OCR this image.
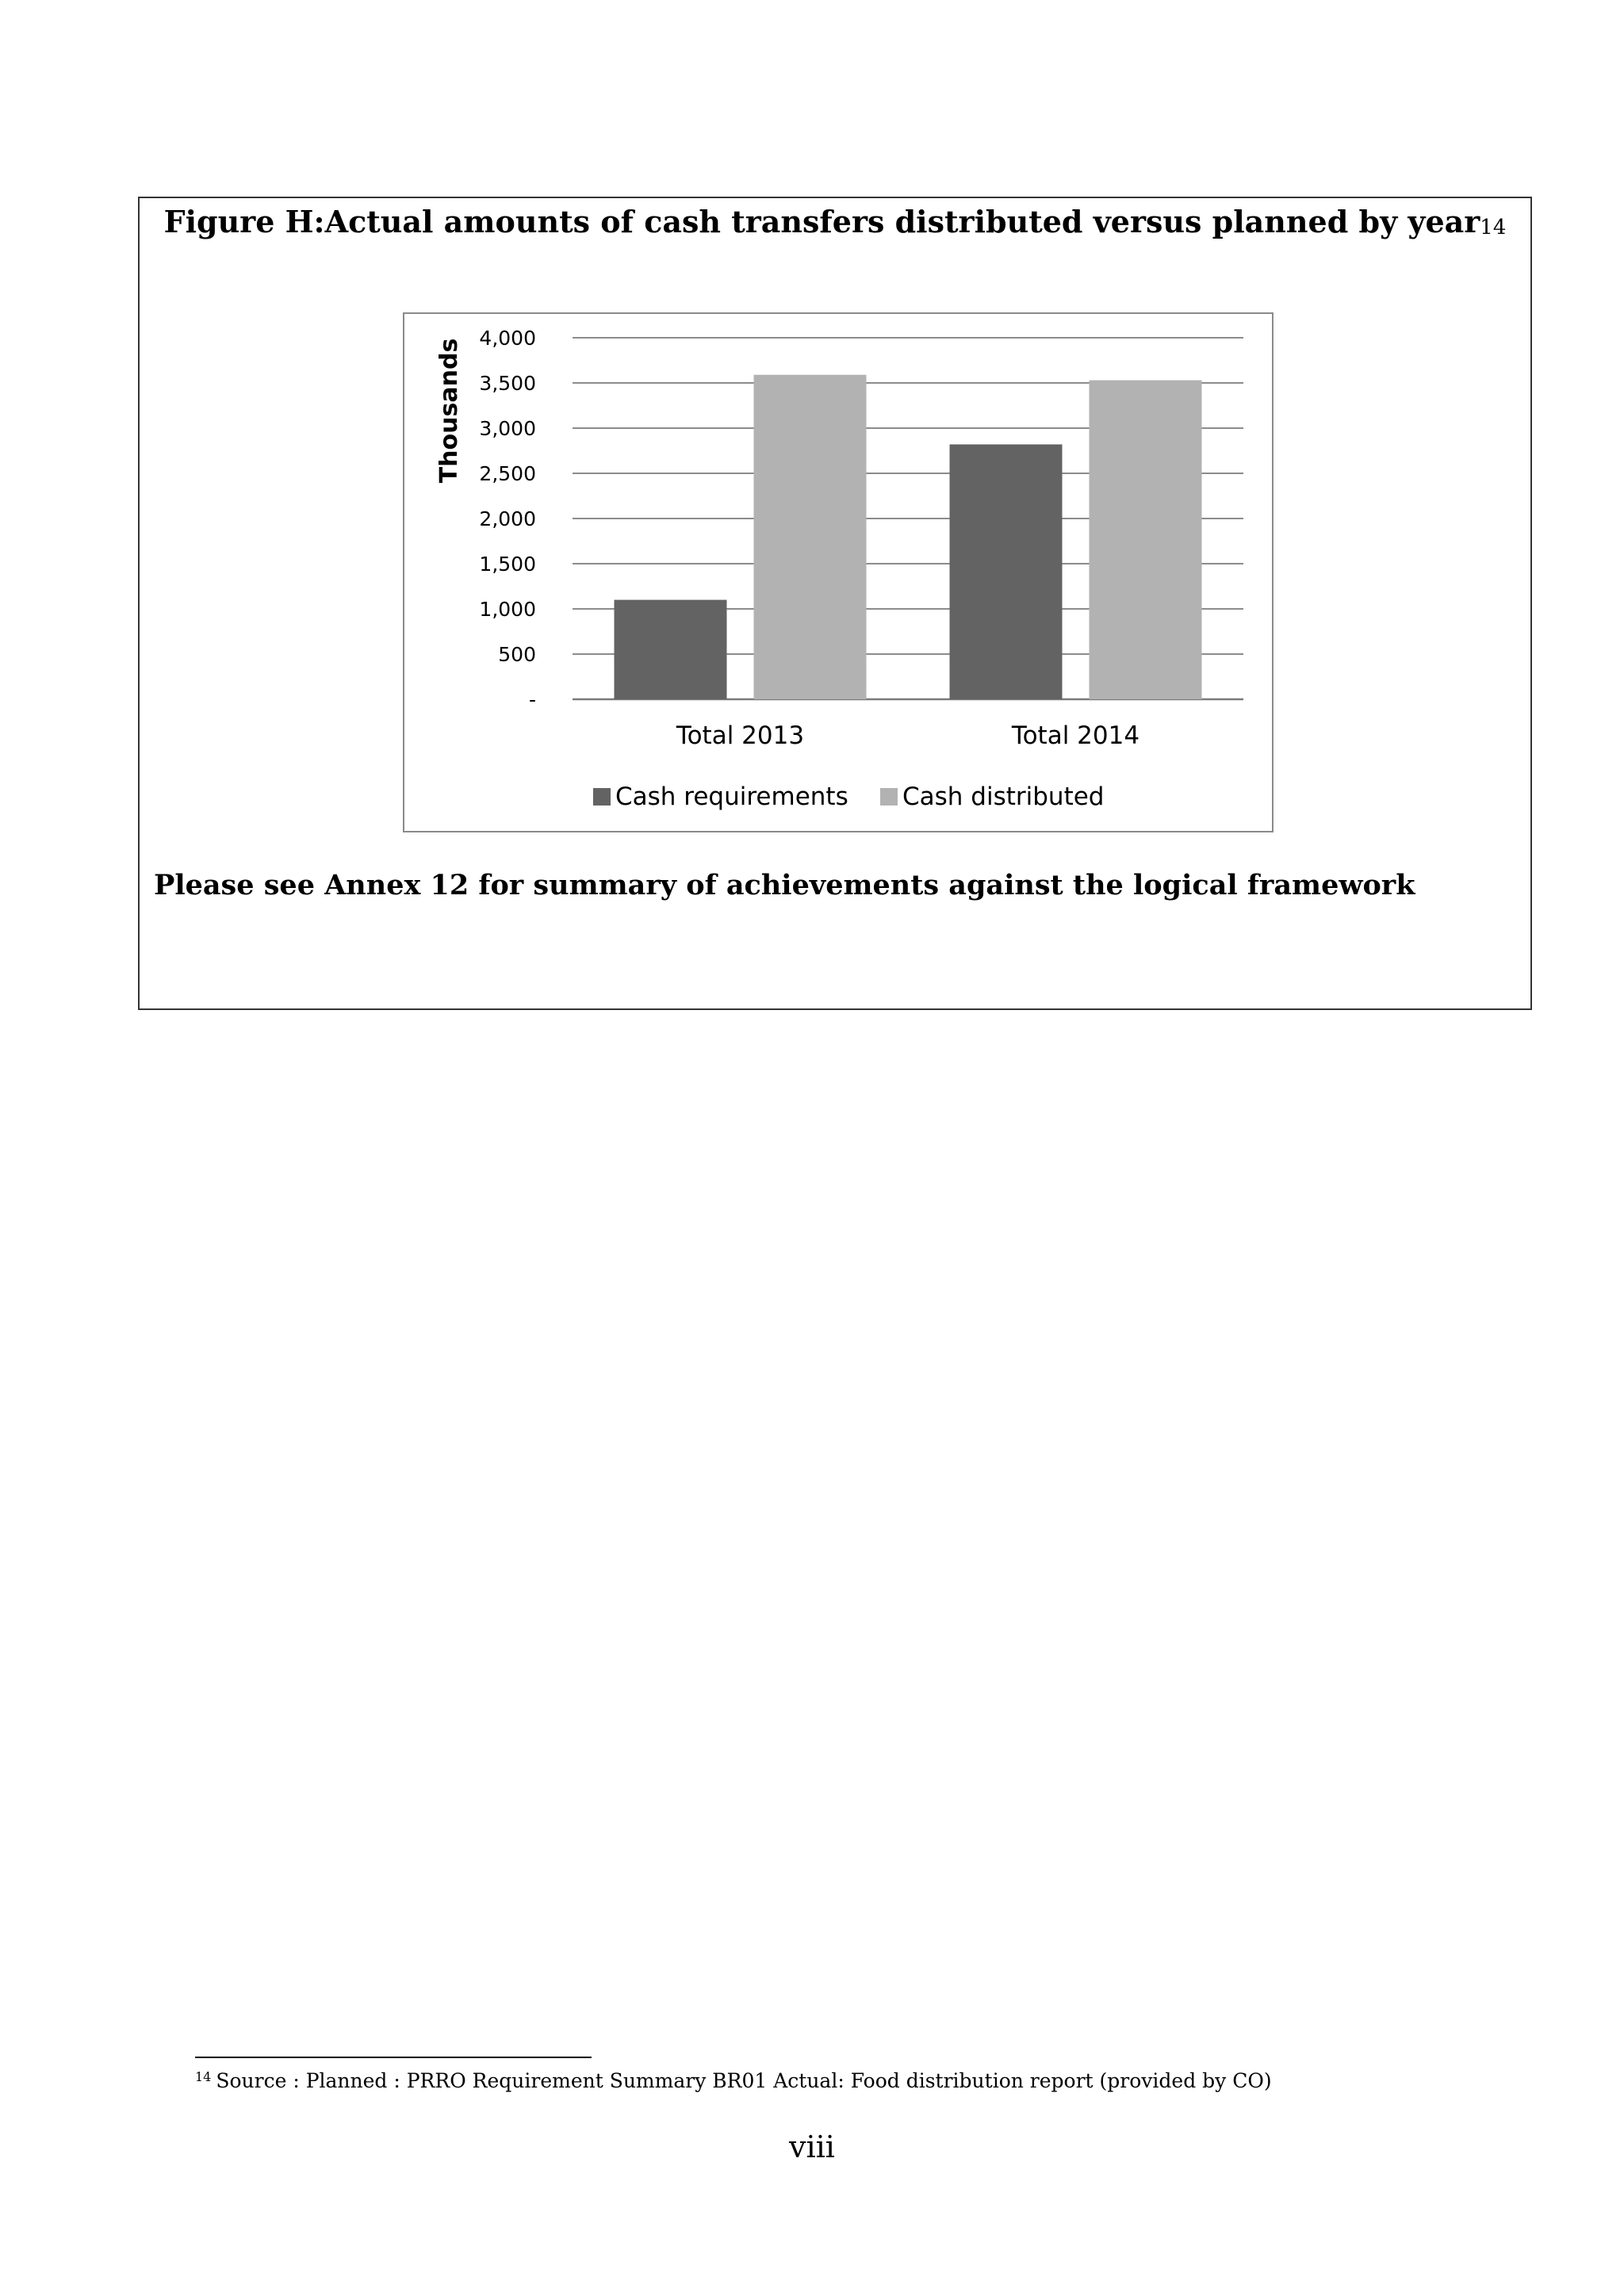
Figure H:Actual amounts of cash transfers distributed versus planned by year$^{14}$
-
500
1,000
1,500
2,000
2,500
3,000
3,500
4,000
Total 2013	Total 2014
Thousands
Cash requirements Cash distributed
Please see Annex 12 for summary of achievements against the logical framework
$^{14}$ Source : Planned : PRRO Requirement Summary BR01 Actual: Food distribution report (provided by CO)
viii
